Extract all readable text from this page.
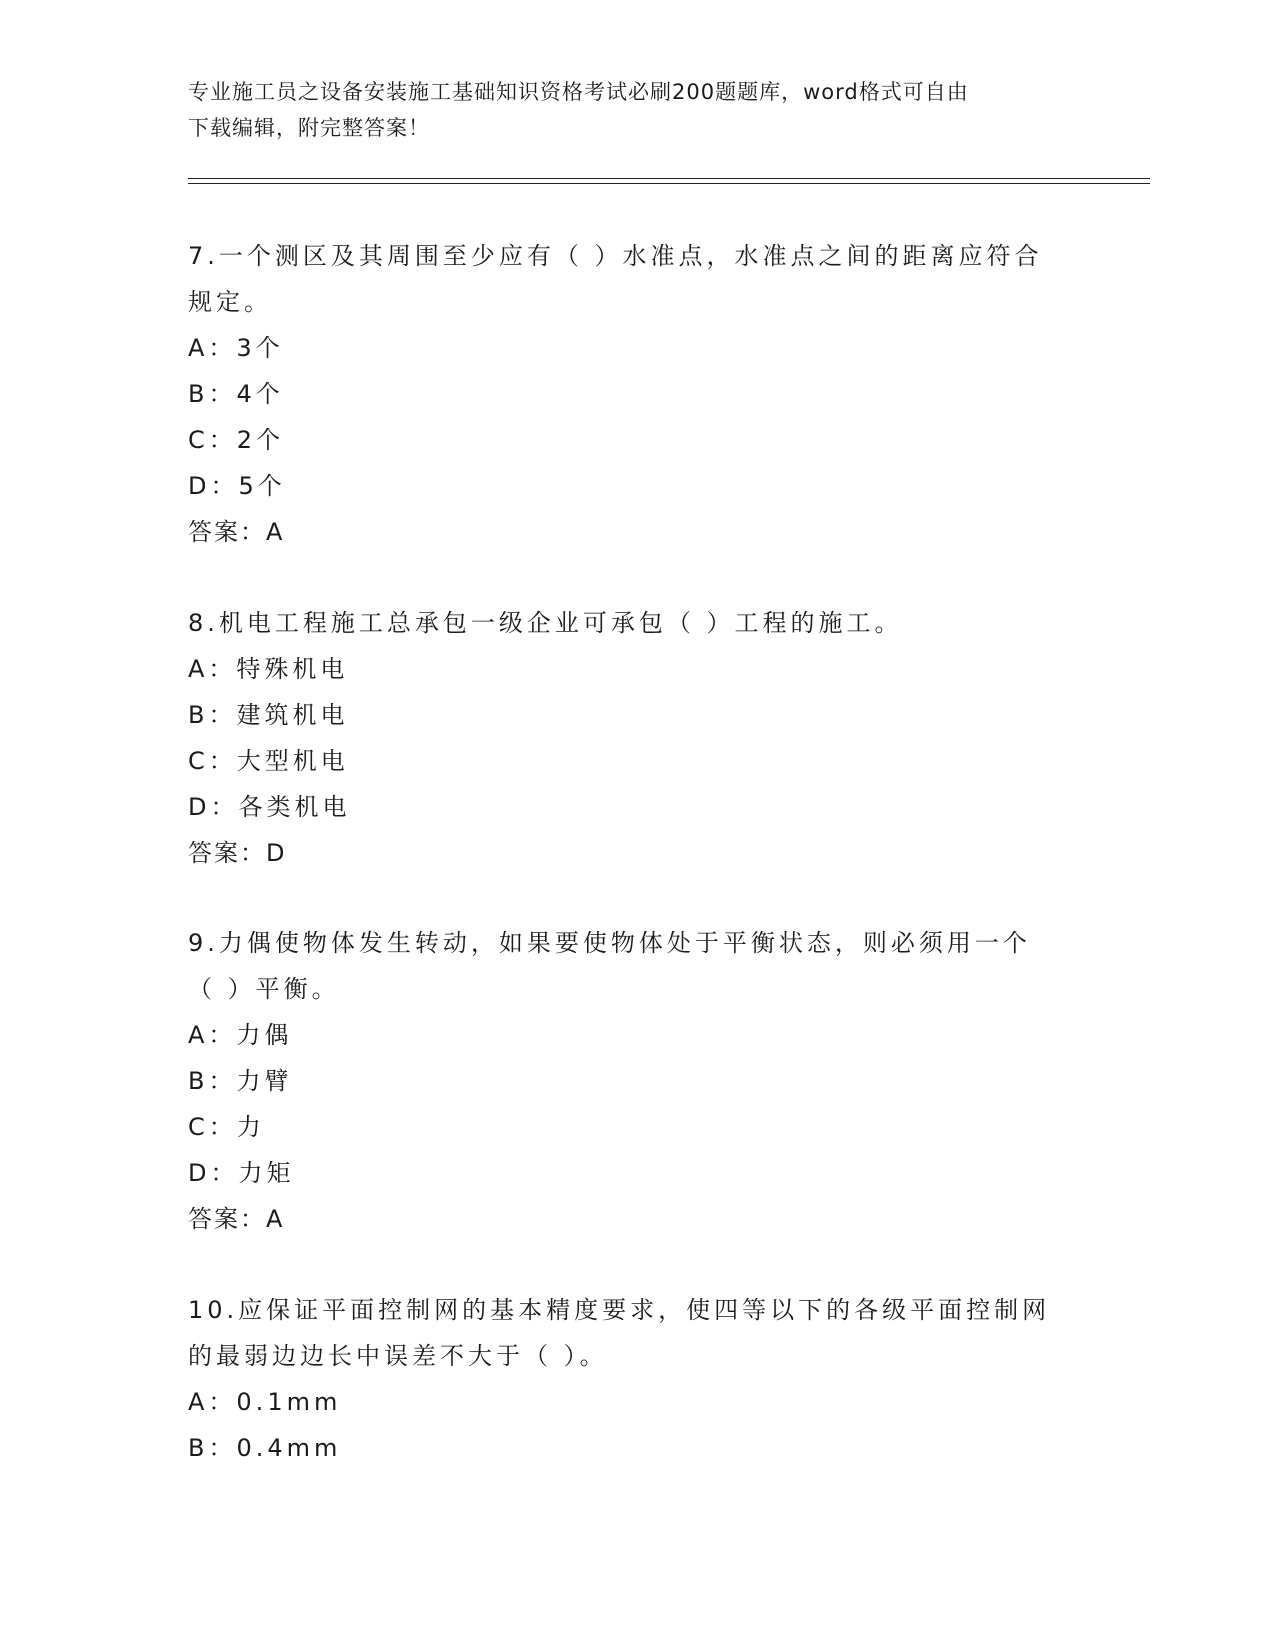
专业施工员之设备安装施工基础知识资格考试必刷200题题库，word格式可自由
下载编辑，附完整答案！
7.一个测区及其周围至少应有（ ）水准点，水准点之间的距离应符合
规定。
A：3个
B：4个
C：2个
D：5个
答案：A
8.机电工程施工总承包一级企业可承包（ ）工程的施工。
A：特殊机电
B：建筑机电
C：大型机电
D：各类机电
答案：D
9.力偶使物体发生转动，如果要使物体处于平衡状态，则必须用一个
（ ）平衡。
A：力偶
B：力臂
C：力
D：力矩
答案：A
10.应保证平面控制网的基本精度要求，使四等以下的各级平面控制网
的最弱边边长中误差不大于（ ）。
A：0.1mm
B：0.4mm
